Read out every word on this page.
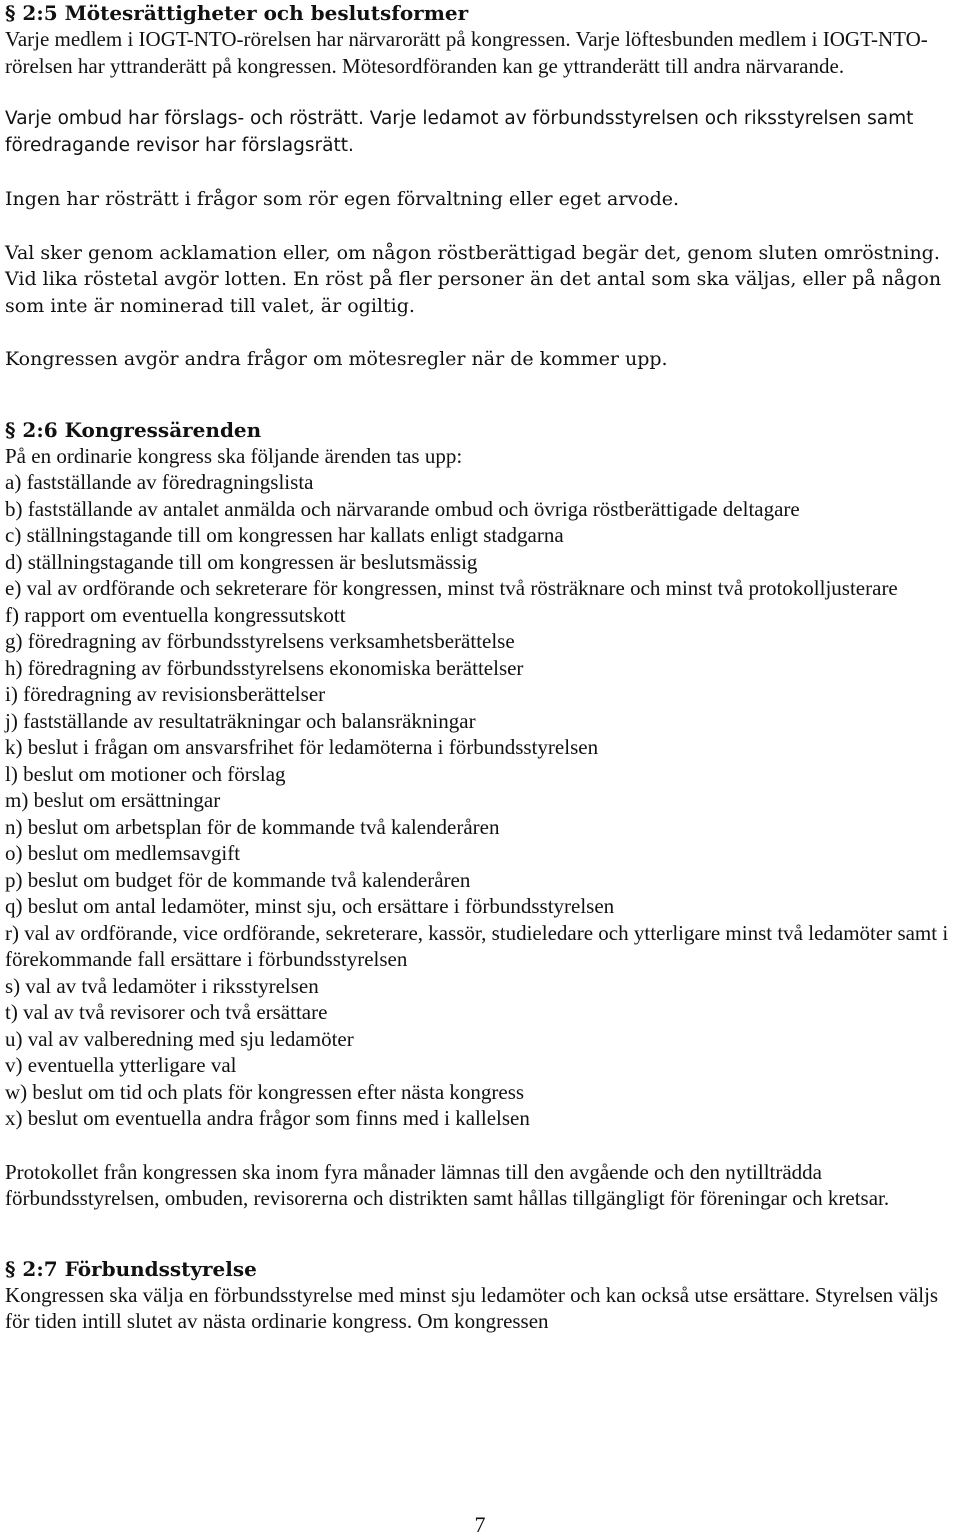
§ 2:5 Mötesrättigheter och beslutsformer

Varje medlem i IOGT-NTO-rörelsen har närvarorätt på kongressen. Varje löftesbunden medlem i IOGT-NTO-rörelsen har yttranderätt på kongressen. Mötesordföranden kan ge yttranderätt till andra närvarande.

Varje ombud har förslags- och rösträtt. Varje ledamot av förbundsstyrelsen och riksstyrelsen samt föredragande revisor har förslagsrätt.

Ingen har rösträtt i frågor som rör egen förvaltning eller eget arvode.

Val sker genom acklamation eller, om någon röstberättigad begär det, genom sluten omröstning. Vid lika röstetal avgör lotten. En röst på fler personer än det antal som ska väljas, eller på någon som inte är nominerad till valet, är ogiltig.

Kongressen avgör andra frågor om mötesregler när de kommer upp.

§ 2:6 Kongressärenden

På en ordinarie kongress ska följande ärenden tas upp:

a) fastställande av föredragningslista
b) fastställande av antalet anmälda och närvarande ombud och övriga röstberättigade deltagare
c) ställningstagande till om kongressen har kallats enligt stadgarna
d) ställningstagande till om kongressen är beslutsmässig
e) val av ordförande och sekreterare för kongressen, minst två rösträknare och minst två protokolljusterare
f) rapport om eventuella kongressutskott
g) föredragning av förbundsstyrelsens verksamhetsberättelse
h) föredragning av förbundsstyrelsens ekonomiska berättelser
i) föredragning av revisionsberättelser
j) fastställande av resultaträkningar och balansräkningar
k) beslut i frågan om ansvarsfrihet för ledamöterna i förbundsstyrelsen
l) beslut om motioner och förslag
m) beslut om ersättningar
n) beslut om arbetsplan för de kommande två kalenderåren
o) beslut om medlemsavgift
p) beslut om budget för de kommande två kalenderåren
q) beslut om antal ledamöter, minst sju, och ersättare i förbundsstyrelsen
r) val av ordförande, vice ordförande, sekreterare, kassör, studieledare och ytterligare minst två ledamöter samt i förekommande fall ersättare i förbundsstyrelsen
s) val av två ledamöter i riksstyrelsen
t) val av två revisorer och två ersättare
u) val av valberedning med sju ledamöter
v) eventuella ytterligare val
w) beslut om tid och plats för kongressen efter nästa kongress
x) beslut om eventuella andra frågor som finns med i kallelsen

Protokollet från kongressen ska inom fyra månader lämnas till den avgående och den nytillträdda förbundsstyrelsen, ombuden, revisorerna och distrikten samt hållas tillgängligt för föreningar och kretsar.

§ 2:7 Förbundsstyrelse

Kongressen ska välja en förbundsstyrelse med minst sju ledamöter och kan också utse ersättare. Styrelsen väljs för tiden intill slutet av nästa ordinarie kongress. Om kongressen

7
